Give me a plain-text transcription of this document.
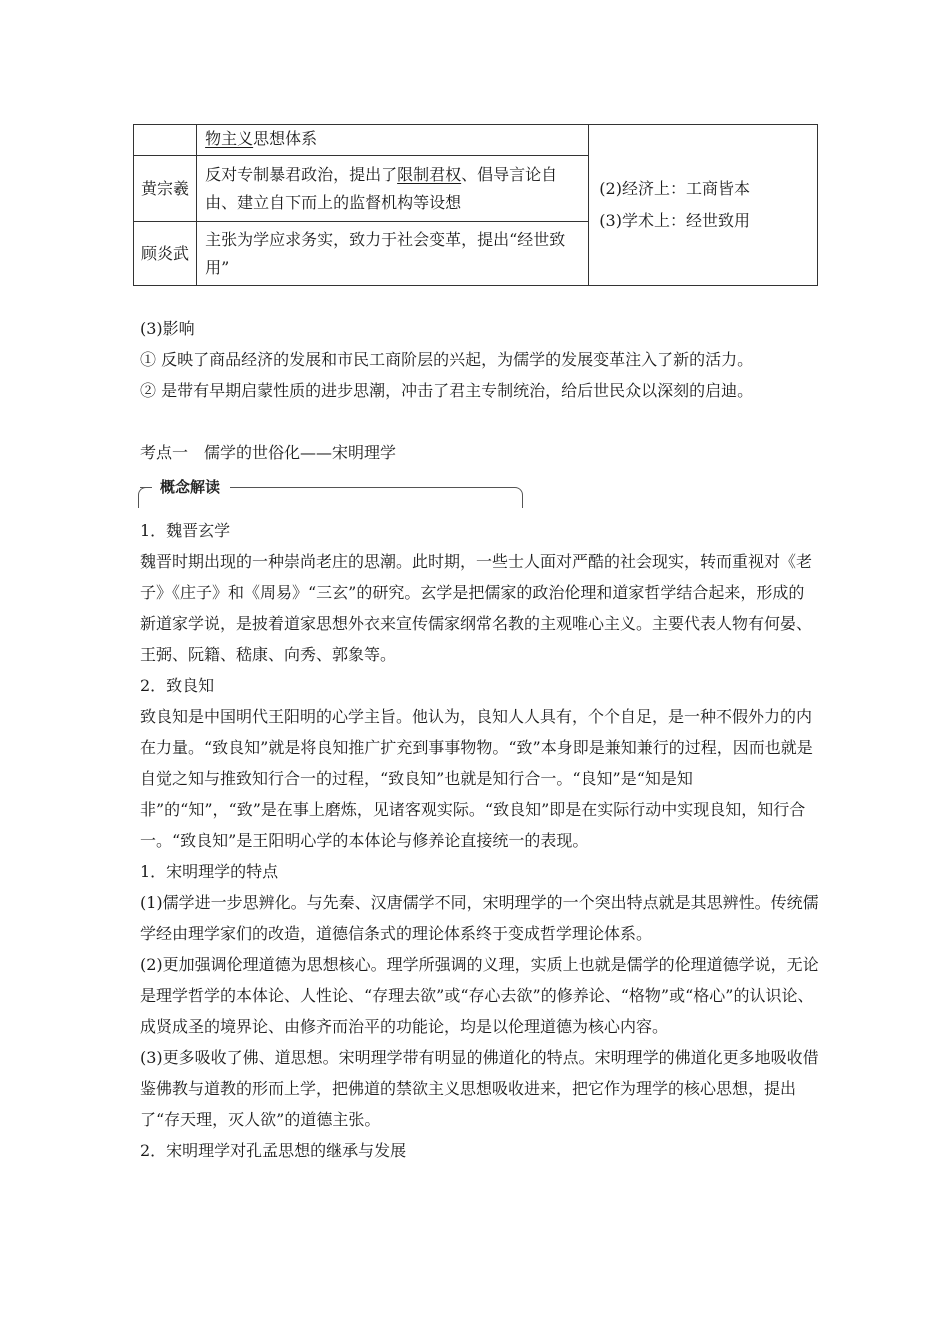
	物主义思想体系	(2)经济上：工商皆本
(3)学术上：经世致用

黄宗羲	反对专制暴君政治，提出了限制君权、倡导言论自由、建立自下而上的监督机构等设想	
顾炎武	主张为学应求务实，致力于社会变革，提出“经世致用”	

(3)影响

① 反映了商品经济的发展和市民工商阶层的兴起，为儒学的发展变革注入了新的活力。

② 是带有早期启蒙性质的进步思潮，冲击了君主专制统治，给后世民众以深刻的启迪。

考点一　儒学的世俗化——宋明理学

概念解读

1．魏晋玄学

魏晋时期出现的一种崇尚老庄的思潮。此时期，一些士人面对严酷的社会现实，转而重视对《老子》《庄子》和《周易》“三玄”的研究。玄学是把儒家的政治伦理和道家哲学结合起来，形成的新道家学说，是披着道家思想外衣来宣传儒家纲常名教的主观唯心主义。主要代表人物有何晏、王弼、阮籍、嵇康、向秀、郭象等。

2．致良知

致良知是中国明代王阳明的心学主旨。他认为，良知人人具有，个个自足，是一种不假外力的内在力量。“致良知”就是将良知推广扩充到事事物物。“致”本身即是兼知兼行的过程，因而也就是自觉之知与推致知行合一的过程，“致良知”也就是知行合一。“良知”是“知是知非”的“知”，“致”是在事上磨炼，见诸客观实际。“致良知”即是在实际行动中实现良知，知行合一。“致良知”是王阳明心学的本体论与修养论直接统一的表现。

1．宋明理学的特点

(1)儒学进一步思辨化。与先秦、汉唐儒学不同，宋明理学的一个突出特点就是其思辨性。传统儒学经由理学家们的改造，道德信条式的理论体系终于变成哲学理论体系。

(2)更加强调伦理道德为思想核心。理学所强调的义理，实质上也就是儒学的伦理道德学说，无论是理学哲学的本体论、人性论、“存理去欲”或“存心去欲”的修养论、“格物”或“格心”的认识论、成贤成圣的境界论、由修齐而治平的功能论，均是以伦理道德为核心内容。

(3)更多吸收了佛、道思想。宋明理学带有明显的佛道化的特点。宋明理学的佛道化更多地吸收借鉴佛教与道教的形而上学，把佛道的禁欲主义思想吸收进来，把它作为理学的核心思想，提出了“存天理，灭人欲”的道德主张。

2．宋明理学对孔孟思想的继承与发展
